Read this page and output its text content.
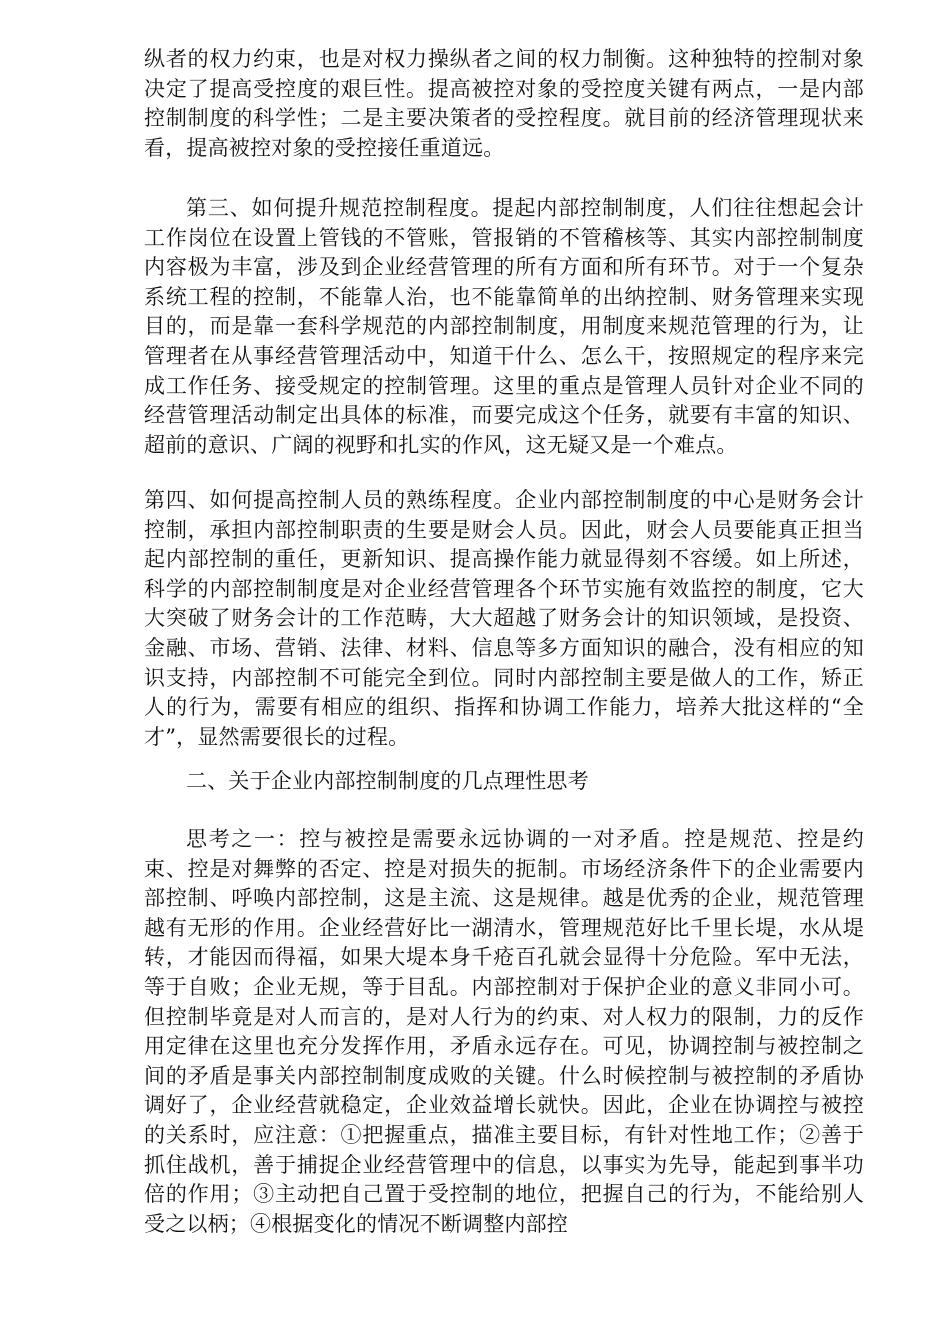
纵者的权力约束，也是对权力操纵者之间的权力制衡。这种独特的控制对象决定了提高受控度的艰巨性。提高被控对象的受控度关键有两点，一是内部控制制度的科学性；二是主要决策者的受控程度。就目前的经济管理现状来看，提高被控对象的受控接任重道远。

第三、如何提升规范控制程度。提起内部控制制度，人们往往想起会计工作岗位在设置上管钱的不管账，管报销的不管稽核等、其实内部控制制度内容极为丰富，涉及到企业经营管理的所有方面和所有环节。对于一个复杂系统工程的控制，不能靠人治，也不能靠简单的出纳控制、财务管理来实现目的，而是靠一套科学规范的内部控制制度，用制度来规范管理的行为，让管理者在从事经营管理活动中，知道干什么、怎么干，按照规定的程序来完成工作任务、接受规定的控制管理。这里的重点是管理人员针对企业不同的经营管理活动制定出具体的标准，而要完成这个任务，就要有丰富的知识、超前的意识、广阔的视野和扎实的作风，这无疑又是一个难点。

第四、如何提高控制人员的熟练程度。企业内部控制制度的中心是财务会计控制，承担内部控制职责的生要是财会人员。因此，财会人员要能真正担当起内部控制的重任，更新知识、提高操作能力就显得刻不容缓。如上所述，科学的内部控制制度是对企业经营管理各个环节实施有效监控的制度，它大大突破了财务会计的工作范畴，大大超越了财务会计的知识领域，是投资、金融、市场、营销、法律、材料、信息等多方面知识的融合，没有相应的知识支持，内部控制不可能完全到位。同时内部控制主要是做人的工作，矫正人的行为，需要有相应的组织、指挥和协调工作能力，培养大批这样的“全才”，显然需要很长的过程。

二、关于企业内部控制制度的几点理性思考

思考之一：控与被控是需要永远协调的一对矛盾。控是规范、控是约束、控是对舞弊的否定、控是对损失的扼制。市场经济条件下的企业需要内部控制、呼唤内部控制，这是主流、这是规律。越是优秀的企业，规范管理越有无形的作用。企业经营好比一湖清水，管理规范好比千里长堤，水从堤转，才能因而得福，如果大堤本身千疮百孔就会显得十分危险。军中无法，等于自败；企业无规，等于目乱。内部控制对于保护企业的意义非同小可。但控制毕竟是对人而言的，是对人行为的约束、对人权力的限制，力的反作用定律在这里也充分发挥作用，矛盾永远存在。可见，协调控制与被控制之间的矛盾是事关内部控制制度成败的关键。什么时候控制与被控制的矛盾协调好了，企业经营就稳定，企业效益增长就快。因此，企业在协调控与被控的关系时，应注意：①把握重点，描准主要目标，有针对性地工作；②善于抓住战机，善于捕捉企业经营管理中的信息，以事实为先导，能起到事半功倍的作用；③主动把自己置于受控制的地位，把握自己的行为，不能给别人受之以柄；④根据变化的情况不断调整内部控
